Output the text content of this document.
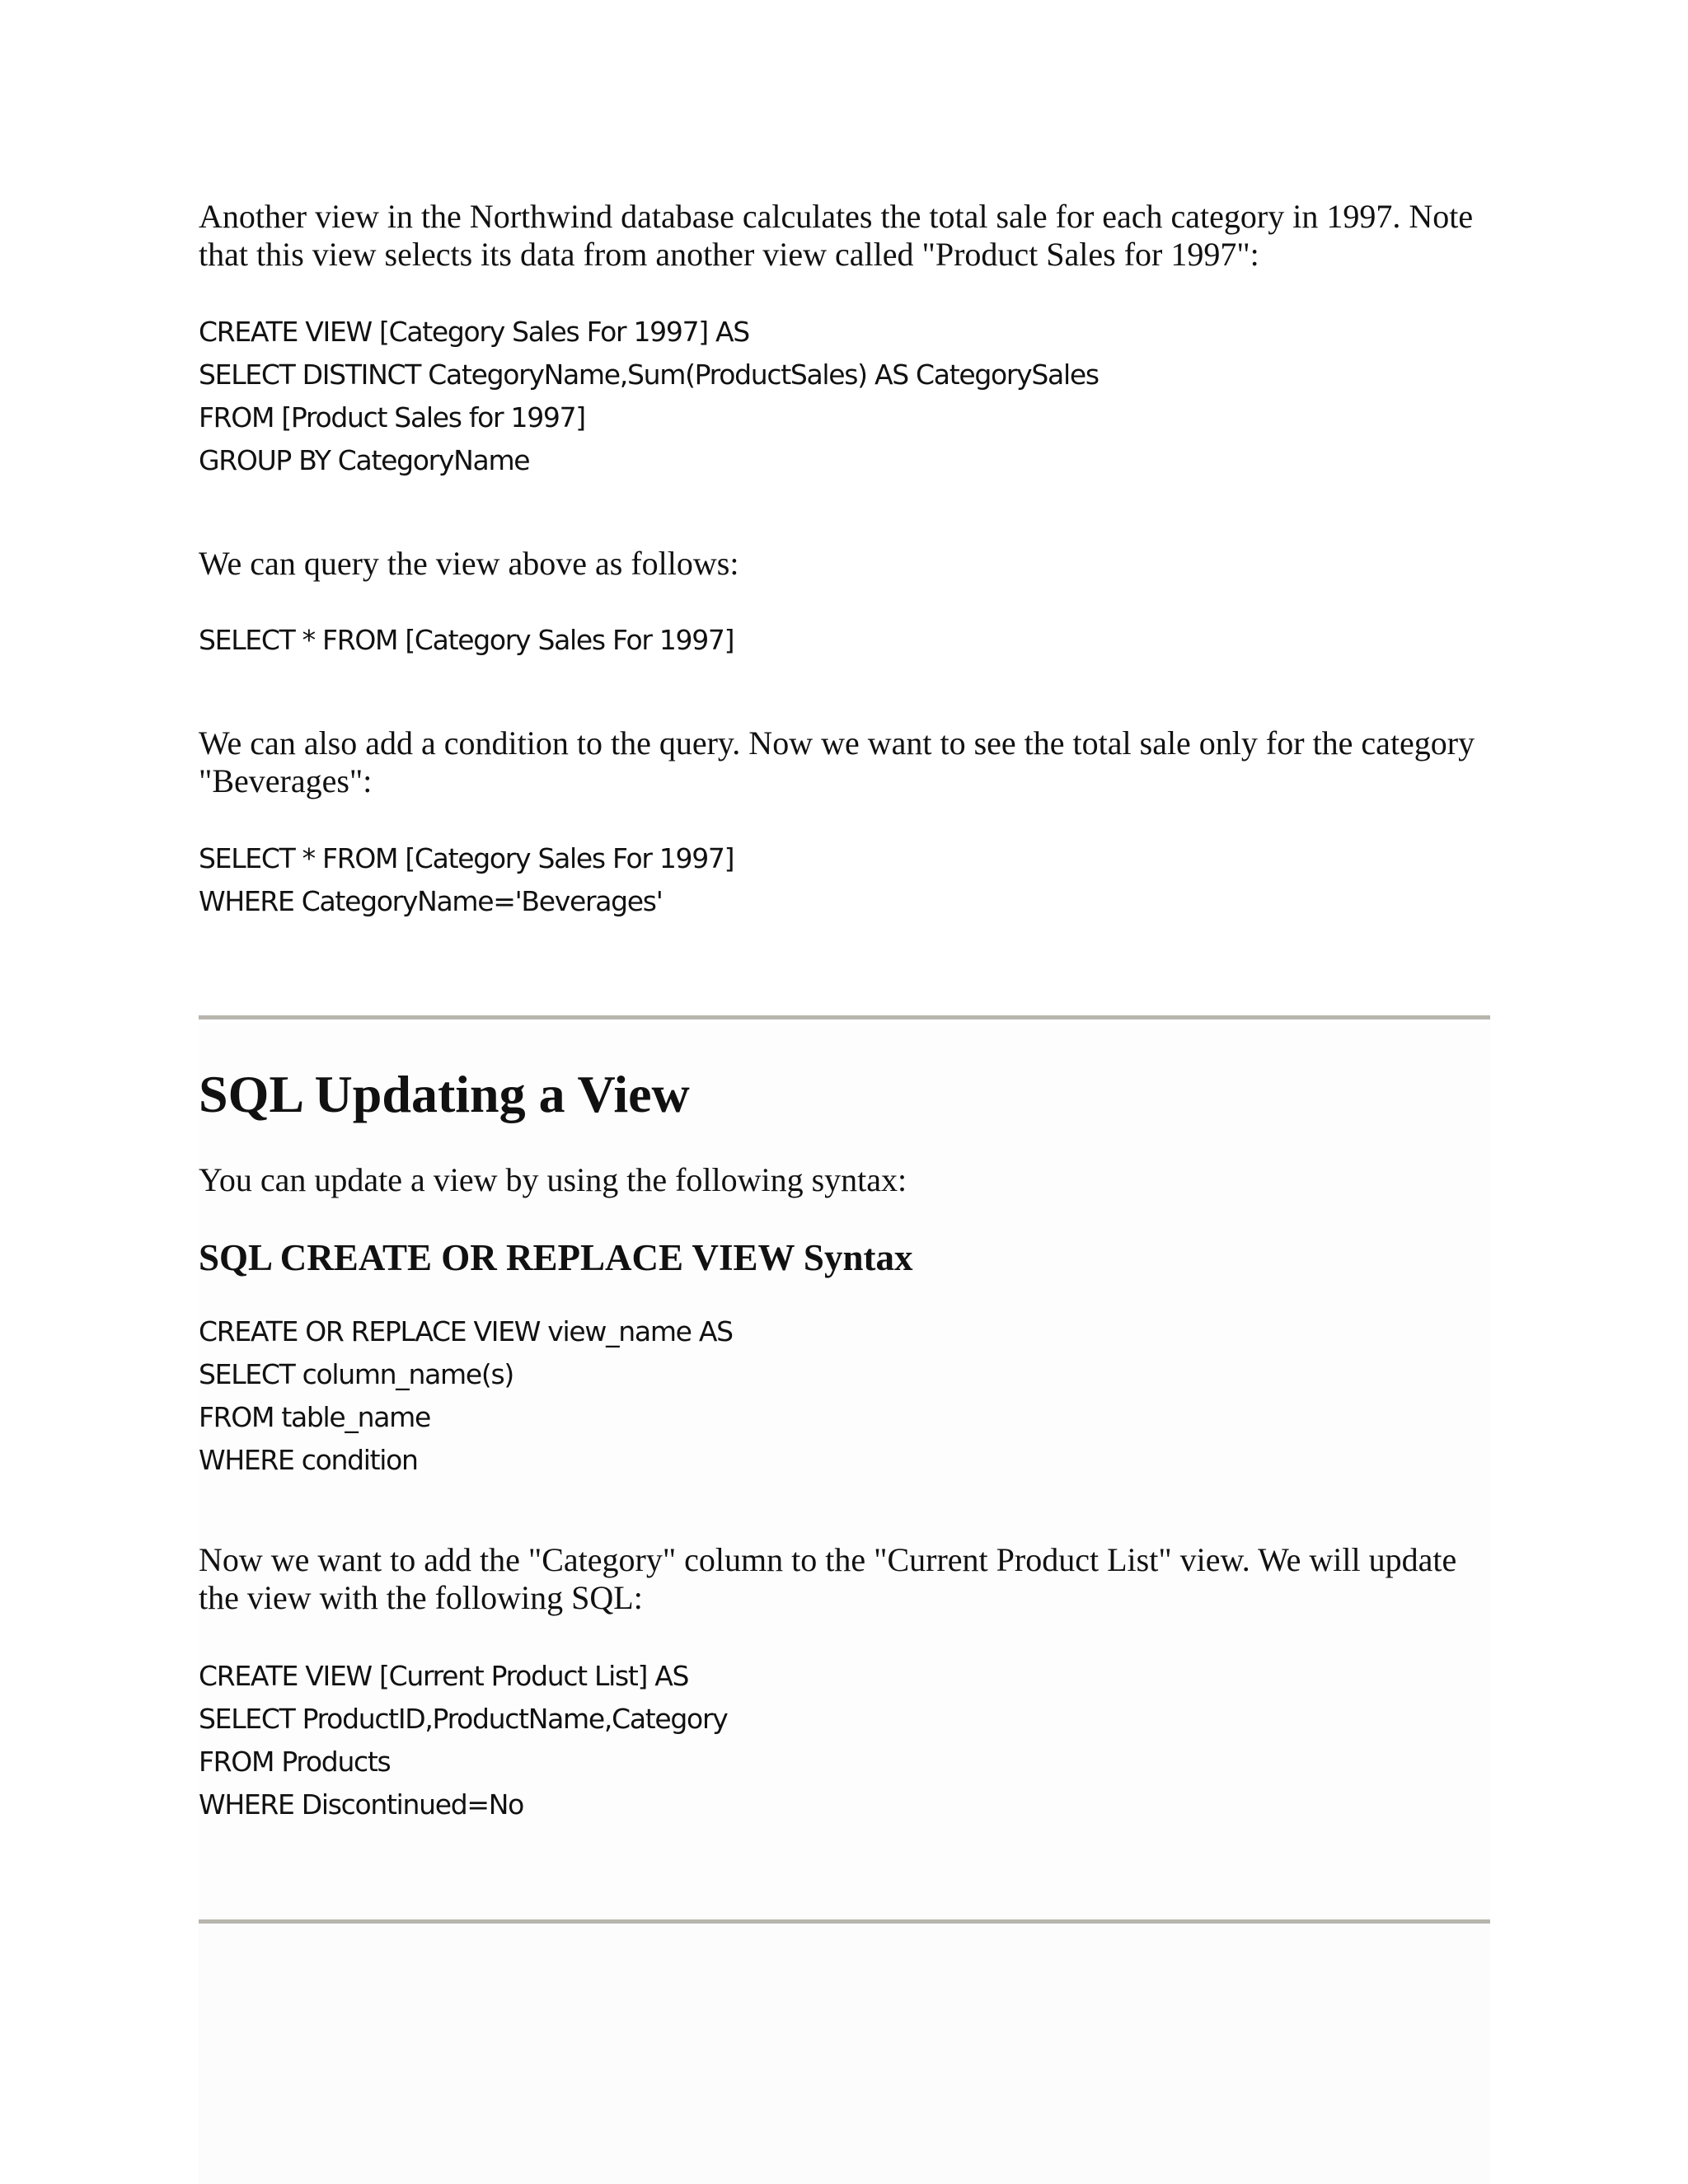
Another view in the Northwind database calculates the total sale for each category in 1997. Note
that this view selects its data from another view called "Product Sales for 1997":

CREATE VIEW [Category Sales For 1997] AS
SELECT DISTINCT CategoryName,Sum(ProductSales) AS CategorySales
FROM [Product Sales for 1997]
GROUP BY CategoryName

We can query the view above as follows:

SELECT * FROM [Category Sales For 1997]

We can also add a condition to the query. Now we want to see the total sale only for the category
"Beverages":

SELECT * FROM [Category Sales For 1997]
WHERE CategoryName='Beverages'
SQL Updating a View

You can update a view by using the following syntax:

SQL CREATE OR REPLACE VIEW Syntax
CREATE OR REPLACE VIEW view_name AS
SELECT column_name(s)
FROM table_name
WHERE condition

Now we want to add the "Category" column to the "Current Product List" view. We will update
the view with the following SQL:

CREATE VIEW [Current Product List] AS
SELECT ProductID,ProductName,Category
FROM Products
WHERE Discontinued=No
